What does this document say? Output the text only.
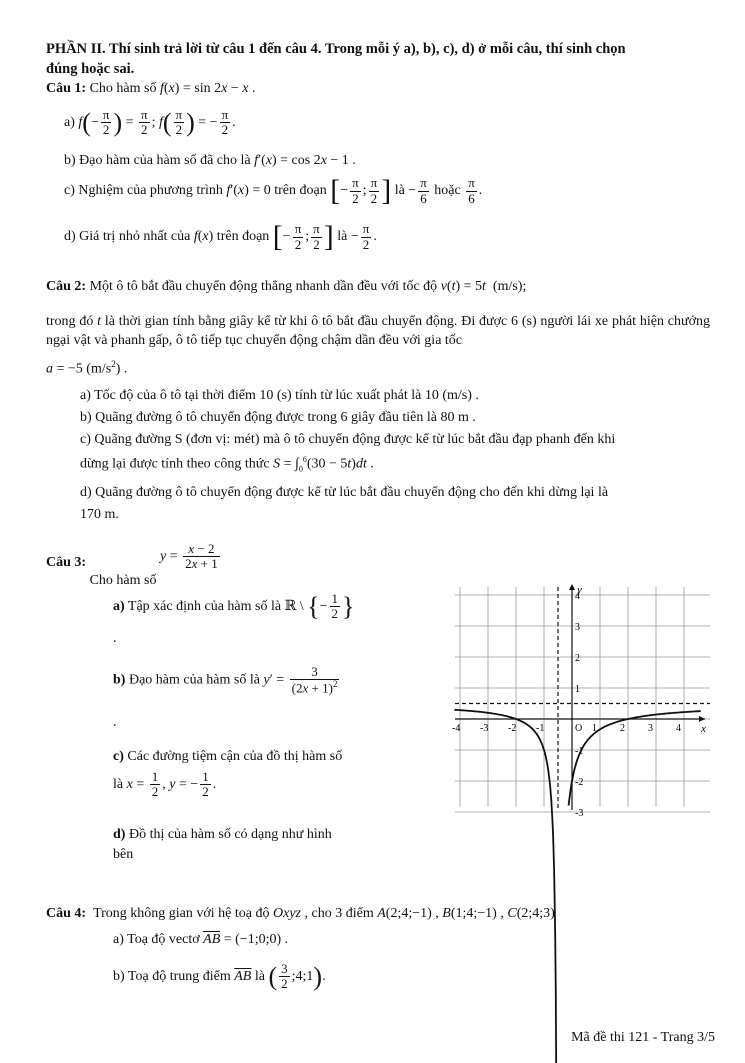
PHẦN II. Thí sinh trả lời từ câu 1 đến câu 4. Trong mỗi ý a), b), c), d) ở mỗi câu, thí sinh chọn
đúng hoặc sai.
Câu 1: Cho hàm số f(x) = sin 2x − x .
a) $f(- \frac{\pi}{2}$ ) = $\frac{\pi}{2}$ ; $f( \frac{\pi}{2}$ ) = − $\frac{\pi}{2}$ .
b) Đạo hàm của hàm số đã cho là f′(x) = cos 2x − 1 .
c) Nghiệm của phương trình f′(x) = 0 trên đoạn [− $\frac{\pi}{2}$ ; $\frac{\pi}{2}$ ] là − $\frac{\pi}{6}$ hoặc $\frac{\pi}{6}$ .
d) Giá trị nhỏ nhất của f(x) trên đoạn [− $\frac{\pi}{2}$ ; $\frac{\pi}{2}$ ] là − $\frac{\pi}{2}$ .
Câu 2: Một ô tô bắt đầu chuyển động thẳng nhanh dần đều với tốc độ v(t) = 5t  (m/s);
trong đó t là thời gian tính bằng giây kể từ khi ô tô bắt đầu chuyển động. Đi được 6 (s) người lái xe phát hiện chướng ngại vật và phanh gấp, ô tô tiếp tục chuyển động chậm dần đều với gia tốc
a = −5 $(m/s^2)$ .
a) Tốc độ của ô tô tại thời điểm 10 (s) tính từ lúc xuất phát là 10 (m/s) .
b) Quãng đường ô tô chuyển động được trong 6 giây đầu tiên là 80 m .
c) Quãng đường S (đơn vị: mét) mà ô tô chuyển động được kể từ lúc bắt đầu đạp phanh đến khi
dừng lại được tính theo công thức $S = \int_0^6(30 - 5t)dt$ .
d) Quãng đường ô tô chuyển động được kể từ lúc bắt đầu chuyển động cho đến khi dừng lại là
170 m.
Câu 3: Cho hàm số $y = \frac{x - 2}{2x + 1}$
a) Tập xác định của hàm số là ℝ \ {− $\frac{1}{2}$ }
.
b) Đạo hàm của hàm số là $y' = \frac{3}{(2x + 1)^2}$
.
c) Các đường tiệm cận của đồ thị hàm số
là $x = \frac{1}{2}$ , y = − $\frac{1}{2}$ .
d) Đồ thị của hàm số có dạng như hình
bên
-4 -3 -2 -1	O 1 2 3 4
4
3
2
1
-1
-2
-3
x
y
Câu 4:  Trong không gian với hệ toạ độ Oxyz , cho 3 điểm A(2;4;−1) , B(1;4;−1) , C(2;4;3)
a) Toạ độ vectơ $\overline{AB}$ = (−1;0;0) .
b) Toạ độ trung điểm $\overline{AB}$ là ( $\frac{3}{2}$ ;4;1).
Mã đề thi 121 - Trang 3/5
